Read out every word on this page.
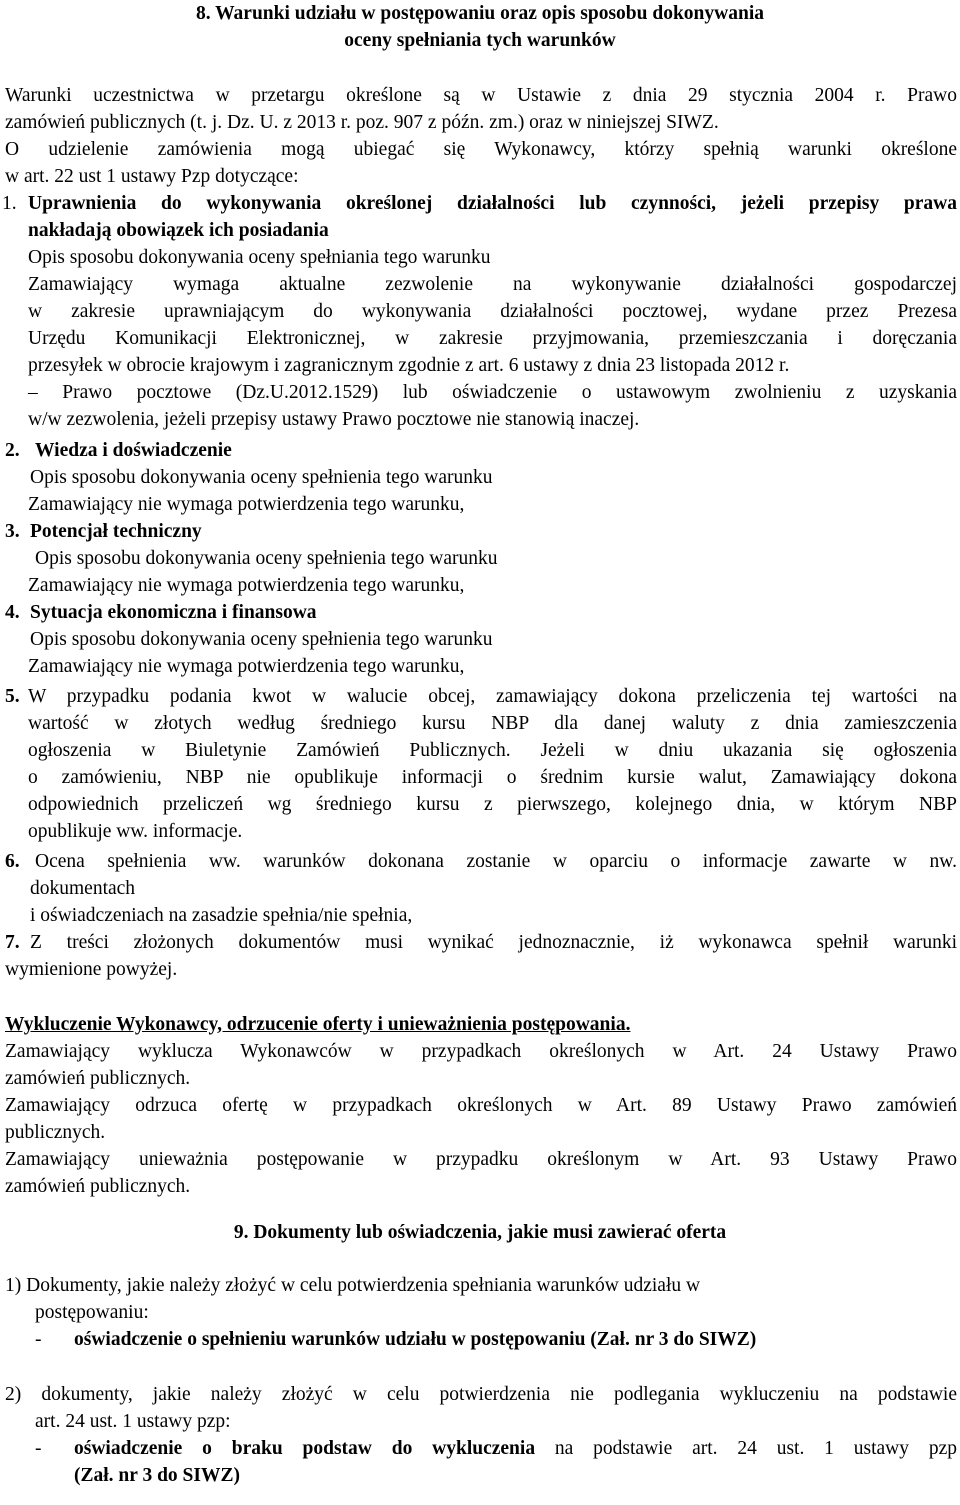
8. Warunki udziału w postępowaniu oraz opis sposobu dokonywania
oceny spełniania tych warunków
Warunki uczestnictwa w przetargu określone są w Ustawie z dnia 29 stycznia 2004 r. Prawo
zamówień publicznych (t. j. Dz. U. z 2013 r. poz. 907 z późn. zm.) oraz w niniejszej SIWZ.
O udzielenie zamówienia mogą ubiegać się Wykonawcy, którzy spełnią warunki określone
w art. 22 ust 1 ustawy Pzp dotyczące:
1. Uprawnienia do wykonywania określonej działalności lub czynności, jeżeli przepisy prawa
nakładają obowiązek ich posiadania
Opis sposobu dokonywania oceny spełniania tego warunku
Zamawiający wymaga aktualne zezwolenie na wykonywanie działalności gospodarczej
w zakresie uprawniającym do wykonywania działalności pocztowej, wydane przez Prezesa
Urzędu Komunikacji Elektronicznej, w zakresie przyjmowania, przemieszczania i doręczania
przesyłek w obrocie krajowym i zagranicznym zgodnie z art. 6 ustawy z dnia 23 listopada 2012 r.
– Prawo pocztowe (Dz.U.2012.1529) lub oświadczenie o ustawowym zwolnieniu z uzyskania
w/w zezwolenia, jeżeli przepisy ustawy Prawo pocztowe nie stanowią inaczej.
2. Wiedza i doświadczenie
Opis sposobu dokonywania oceny spełnienia tego warunku
Zamawiający nie wymaga potwierdzenia tego warunku,
3. Potencjał techniczny
Opis sposobu dokonywania oceny spełnienia tego warunku
Zamawiający nie wymaga potwierdzenia tego warunku,
4. Sytuacja ekonomiczna i finansowa
Opis sposobu dokonywania oceny spełnienia tego warunku
Zamawiający nie wymaga potwierdzenia tego warunku,
5. W przypadku podania kwot w walucie obcej, zamawiający dokona przeliczenia tej wartości na
wartość w złotych według średniego kursu NBP dla danej waluty z dnia zamieszczenia
ogłoszenia w Biuletynie Zamówień Publicznych. Jeżeli w dniu ukazania się ogłoszenia
o zamówieniu, NBP nie opublikuje informacji o średnim kursie walut, Zamawiający dokona
odpowiednich przeliczeń wg średniego kursu z pierwszego, kolejnego dnia, w którym NBP
opublikuje ww. informacje.
6. Ocena spełnienia ww. warunków dokonana zostanie w oparciu o informacje zawarte w nw.
dokumentach
i oświadczeniach na zasadzie spełnia/nie spełnia,
7. Z treści złożonych dokumentów musi wynikać jednoznacznie, iż wykonawca spełnił warunki
wymienione powyżej.
Wykluczenie Wykonawcy, odrzucenie oferty i unieważnienia postępowania.
Zamawiający wyklucza Wykonawców w przypadkach określonych w Art. 24 Ustawy Prawo
zamówień publicznych.
Zamawiający odrzuca ofertę w przypadkach określonych w Art. 89 Ustawy Prawo zamówień
publicznych.
Zamawiający unieważnia postępowanie w przypadku określonym w Art. 93 Ustawy Prawo
zamówień publicznych.
9. Dokumenty lub oświadczenia, jakie musi zawierać oferta
1) Dokumenty, jakie należy złożyć w celu potwierdzenia spełniania warunków udziału w
postępowaniu:
-	oświadczenie o spełnieniu warunków udziału w postępowaniu (Zał. nr 3 do SIWZ)
2) dokumenty, jakie należy złożyć w celu potwierdzenia nie podlegania wykluczeniu na podstawie
art. 24 ust. 1 ustawy pzp:
-	oświadczenie o braku podstaw do wykluczenia na podstawie art. 24 ust. 1 ustawy pzp
(Zał. nr 3 do SIWZ)
